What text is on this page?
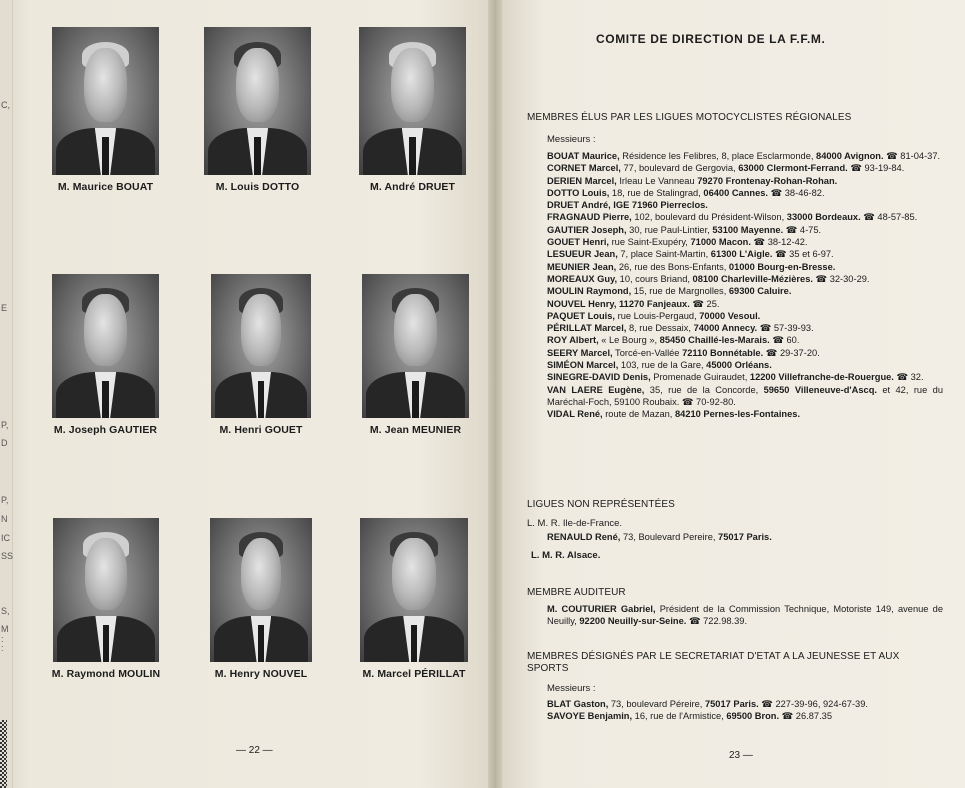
C,
E
P,
D
P,
N
IC
SS
S,
M :
:
M. Maurice BOUAT	M. Louis DOTTO	M. André DRUET
M. Joseph GAUTIER	M. Henri GOUET	M. Jean MEUNIER
M. Raymond MOULIN	M. Henry NOUVEL	M. Marcel PÉRILLAT
— 22 —
COMITE DE DIRECTION DE LA F.F.M.
MEMBRES ÉLUS PAR LES LIGUES MOTOCYCLISTES RÉGIONALES
Messieurs :

BOUAT Maurice, Résidence les Felibres, 8, place Esclarmonde, 84000 Avignon. ☎ 81-04-37.

CORNET Marcel, 77, boulevard de Gergovia, 63000 Clermont-Ferrand. ☎ 93-19-84.

DERIEN Marcel, Irleau Le Vanneau 79270 Frontenay-Rohan-Rohan.

DOTTO Louis, 18, rue de Stalingrad, 06400 Cannes. ☎ 38-46-82.

DRUET André, IGE 71960 Pierreclos.

FRAGNAUD Pierre, 102, boulevard du Président-Wilson, 33000 Bordeaux. ☎ 48-57-85.

GAUTIER Joseph, 30, rue Paul-Lintier, 53100 Mayenne. ☎ 4-75.

GOUET Henri, rue Saint-Exupéry, 71000 Macon. ☎ 38-12-42.

LESUEUR Jean, 7, place Saint-Martin, 61300 L'Aigle. ☎ 35 et 6-97.

MEUNIER Jean, 26, rue des Bons-Enfants, 01000 Bourg-en-Bresse.

MOREAUX Guy, 10, cours Briand, 08100 Charleville-Mézières. ☎ 32-30-29.

MOULIN Raymond, 15, rue de Margnolles, 69300 Caluire.

NOUVEL Henry, 11270 Fanjeaux. ☎ 25.

PAQUET Louis, rue Louis-Pergaud, 70000 Vesoul.

PÉRILLAT Marcel, 8, rue Dessaix, 74000 Annecy. ☎ 57-39-93.

ROY Albert, « Le Bourg », 85450 Chaillé-les-Marais. ☎ 60.

SEERY Marcel, Torcé-en-Vallée 72110 Bonnétable. ☎ 29-37-20.

SIMÉON Marcel, 103, rue de la Gare, 45000 Orléans.

SINEGRE-DAVID Denis, Promenade Guiraudet, 12200 Villefranche-de-Rouergue. ☎ 32.

VAN LAERE Eugène, 35, rue de la Concorde, 59650 Villeneuve-d'Ascq. et 42, rue du Maréchal-Foch, 59100 Roubaix. ☎ 70-92-80.

VIDAL René, route de Mazan, 84210 Pernes-les-Fontaines.

LIGUES NON REPRÉSENTÉES
L. M. R. Ile-de-France.
RENAULD René, 73, Boulevard Pereire, 75017 Paris.
L. M. R. Alsace.
MEMBRE AUDITEUR
M. COUTURIER Gabriel, Président de la Commission Technique, Motoriste 149, avenue de Neuilly, 92200 Neuilly-sur-Seine. ☎ 722.98.39.
MEMBRES DÉSIGNÉS PAR LE SECRETARIAT D'ETAT A LA JEUNESSE ET AUX SPORTS
Messieurs :
BLAT Gaston, 73, boulevard Péreire, 75017 Paris. ☎ 227-39-96, 924-67-39.
SAVOYE Benjamin, 16, rue de l'Armistice, 69500 Bron. ☎ 26.87.35
23 —
